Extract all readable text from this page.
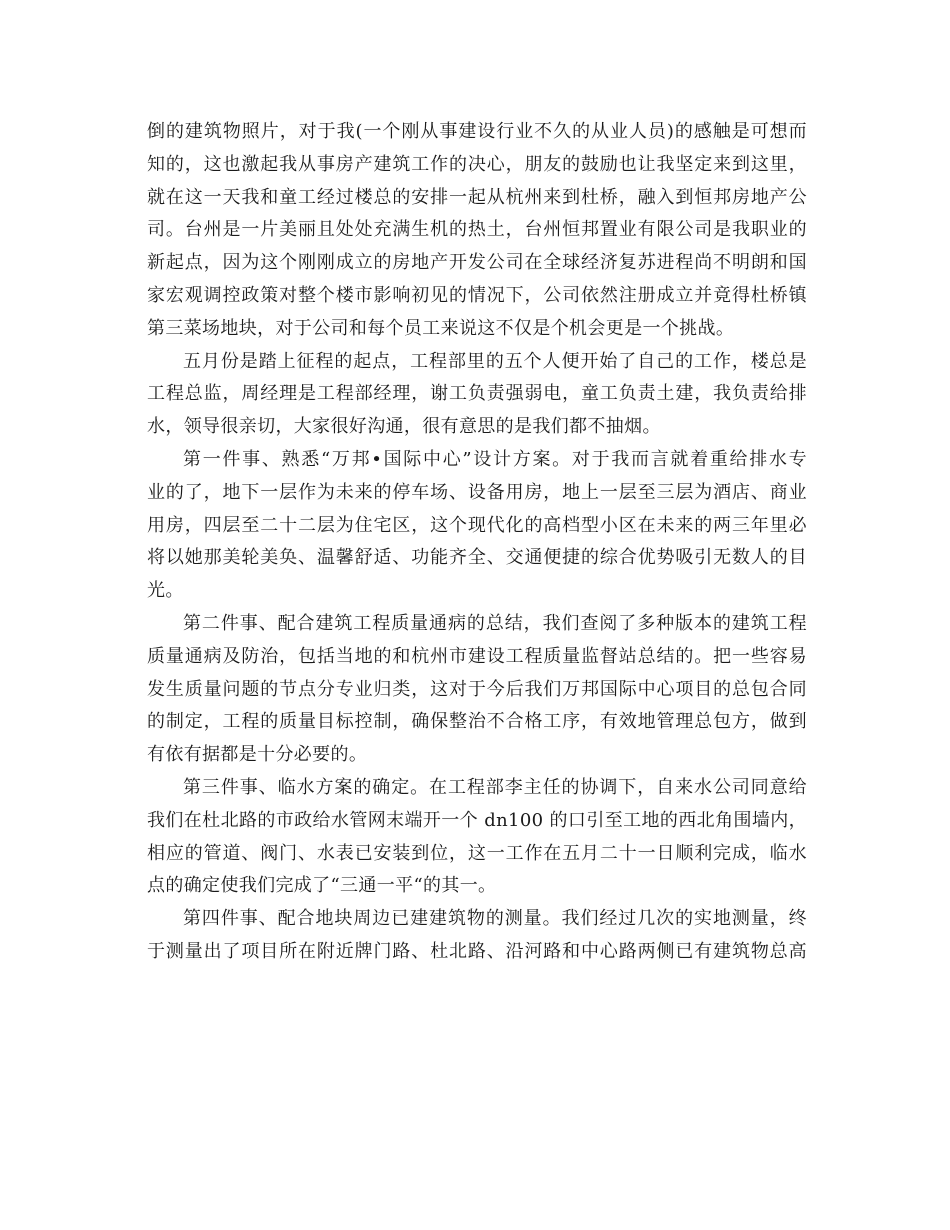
倒的建筑物照片，对于我(一个刚从事建设行业不久的从业人员)的感触是可想而
知的，这也激起我从事房产建筑工作的决心，朋友的鼓励也让我坚定来到这里，
就在这一天我和童工经过楼总的安排一起从杭州来到杜桥，融入到恒邦房地产公
司。台州是一片美丽且处处充满生机的热土，台州恒邦置业有限公司是我职业的
新起点，因为这个刚刚成立的房地产开发公司在全球经济复苏进程尚不明朗和国
家宏观调控政策对整个楼市影响初见的情况下，公司依然注册成立并竟得杜桥镇
第三菜场地块，对于公司和每个员工来说这不仅是个机会更是一个挑战。
五月份是踏上征程的起点，工程部里的五个人便开始了自己的工作，楼总是
工程总监，周经理是工程部经理，谢工负责强弱电，童工负责土建，我负责给排
水，领导很亲切，大家很好沟通，很有意思的是我们都不抽烟。
第一件事、熟悉“万邦•国际中心”设计方案。对于我而言就着重给排水专
业的了，地下一层作为未来的停车场、设备用房，地上一层至三层为酒店、商业
用房，四层至二十二层为住宅区，这个现代化的高档型小区在未来的两三年里必
将以她那美轮美奂、温馨舒适、功能齐全、交通便捷的综合优势吸引无数人的目
光。
第二件事、配合建筑工程质量通病的总结，我们查阅了多种版本的建筑工程
质量通病及防治，包括当地的和杭州市建设工程质量监督站总结的。把一些容易
发生质量问题的节点分专业归类，这对于今后我们万邦国际中心项目的总包合同
的制定，工程的质量目标控制，确保整治不合格工序，有效地管理总包方，做到
有依有据都是十分必要的。
第三件事、临水方案的确定。在工程部李主任的协调下，自来水公司同意给
我们在杜北路的市政给水管网末端开一个 dn100 的口引至工地的西北角围墙内，
相应的管道、阀门、水表已安装到位，这一工作在五月二十一日顺利完成，临水
点的确定使我们完成了“三通一平“的其一。
第四件事、配合地块周边已建建筑物的测量。我们经过几次的实地测量，终
于测量出了项目所在附近牌门路、杜北路、沿河路和中心路两侧已有建筑物总高
